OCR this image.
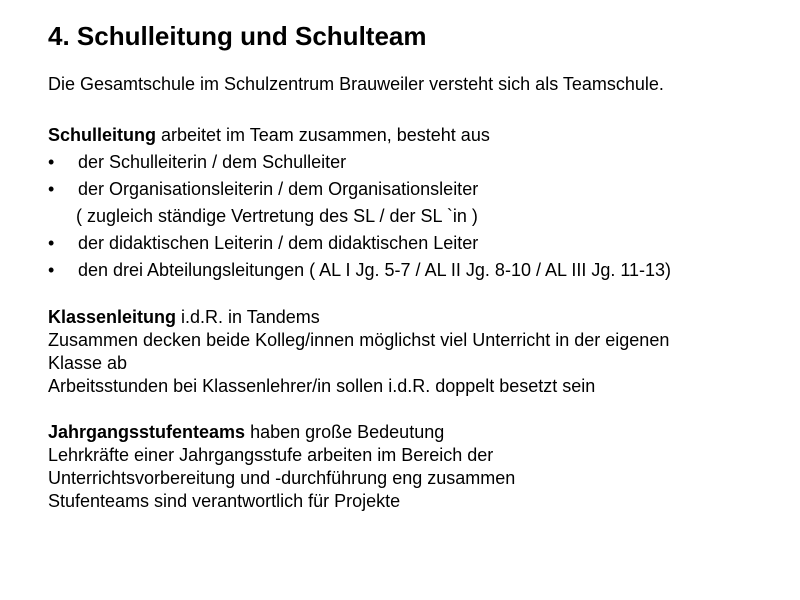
4. Schulleitung und Schulteam
Die Gesamtschule im Schulzentrum Brauweiler versteht sich als Teamschule.
Schulleitung arbeitet im Team zusammen, besteht aus
• der Schulleiterin / dem Schulleiter
• der Organisationsleiterin / dem Organisationsleiter
( zugleich ständige Vertretung des SL / der SL `in )
• der didaktischen Leiterin / dem didaktischen Leiter
• den drei Abteilungsleitungen ( AL I Jg. 5-7 / AL II Jg. 8-10 / AL III Jg. 11-13)
Klassenleitung i.d.R. in Tandems
Zusammen decken beide Kolleg/innen möglichst viel Unterricht in der eigenen
Klasse ab
Arbeitsstunden bei Klassenlehrer/in sollen i.d.R. doppelt besetzt sein
Jahrgangsstufenteams haben große Bedeutung
Lehrkräfte einer Jahrgangsstufe arbeiten im Bereich der
Unterrichtsvorbereitung und -durchführung eng zusammen
Stufenteams sind verantwortlich für Projekte
